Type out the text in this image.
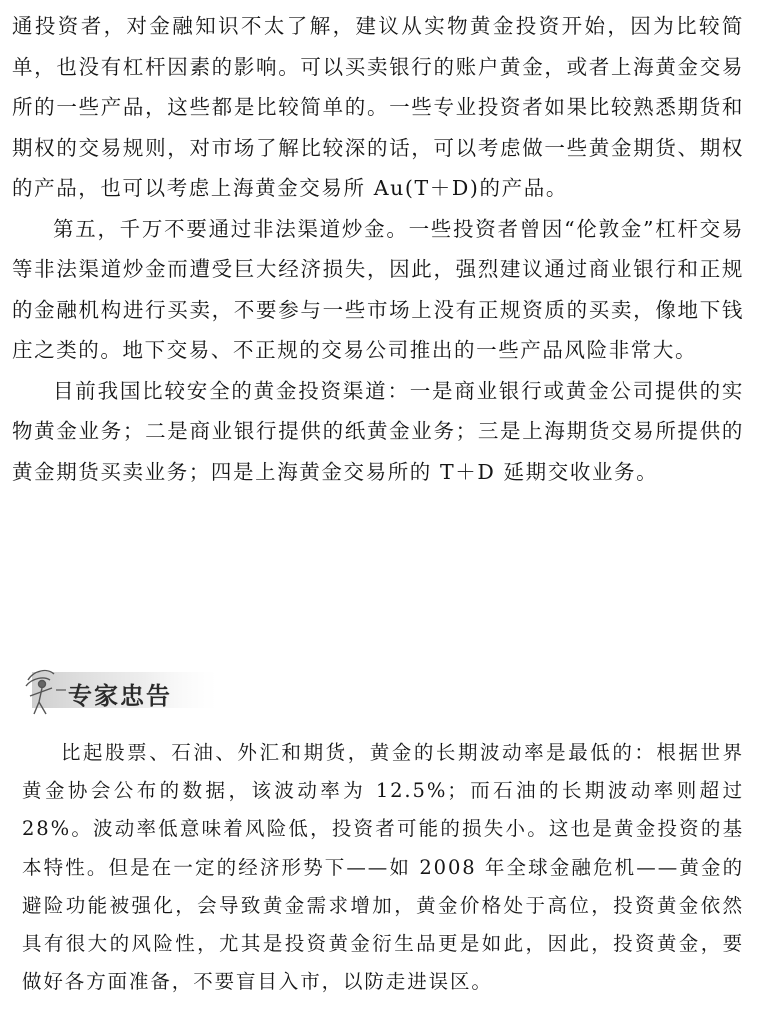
通投资者，对金融知识不太了解，建议从实物黄金投资开始，因为比较简单，也没有杠杆因素的影响。可以买卖银行的账户黄金，或者上海黄金交易所的一些产品，这些都是比较简单的。一些专业投资者如果比较熟悉期货和期权的交易规则，对市场了解比较深的话，可以考虑做一些黄金期货、期权的产品，也可以考虑上海黄金交易所 Au(T＋D)的产品。

第五，千万不要通过非法渠道炒金。一些投资者曾因“伦敦金”杠杆交易等非法渠道炒金而遭受巨大经济损失，因此，强烈建议通过商业银行和正规的金融机构进行买卖，不要参与一些市场上没有正规资质的买卖，像地下钱庄之类的。地下交易、不正规的交易公司推出的一些产品风险非常大。

目前我国比较安全的黄金投资渠道：一是商业银行或黄金公司提供的实物黄金业务；二是商业银行提供的纸黄金业务；三是上海期货交易所提供的黄金期货买卖业务；四是上海黄金交易所的 T＋D 延期交收业务。

专家忠告

比起股票、石油、外汇和期货，黄金的长期波动率是最低的：根据世界黄金协会公布的数据，该波动率为 12.5%；而石油的长期波动率则超过 28%。波动率低意味着风险低，投资者可能的损失小。这也是黄金投资的基本特性。但是在一定的经济形势下——如 2008 年全球金融危机——黄金的避险功能被强化，会导致黄金需求增加，黄金价格处于高位，投资黄金依然具有很大的风险性，尤其是投资黄金衍生品更是如此，因此，投资黄金，要做好各方面准备，不要盲目入市，以防走进误区。
